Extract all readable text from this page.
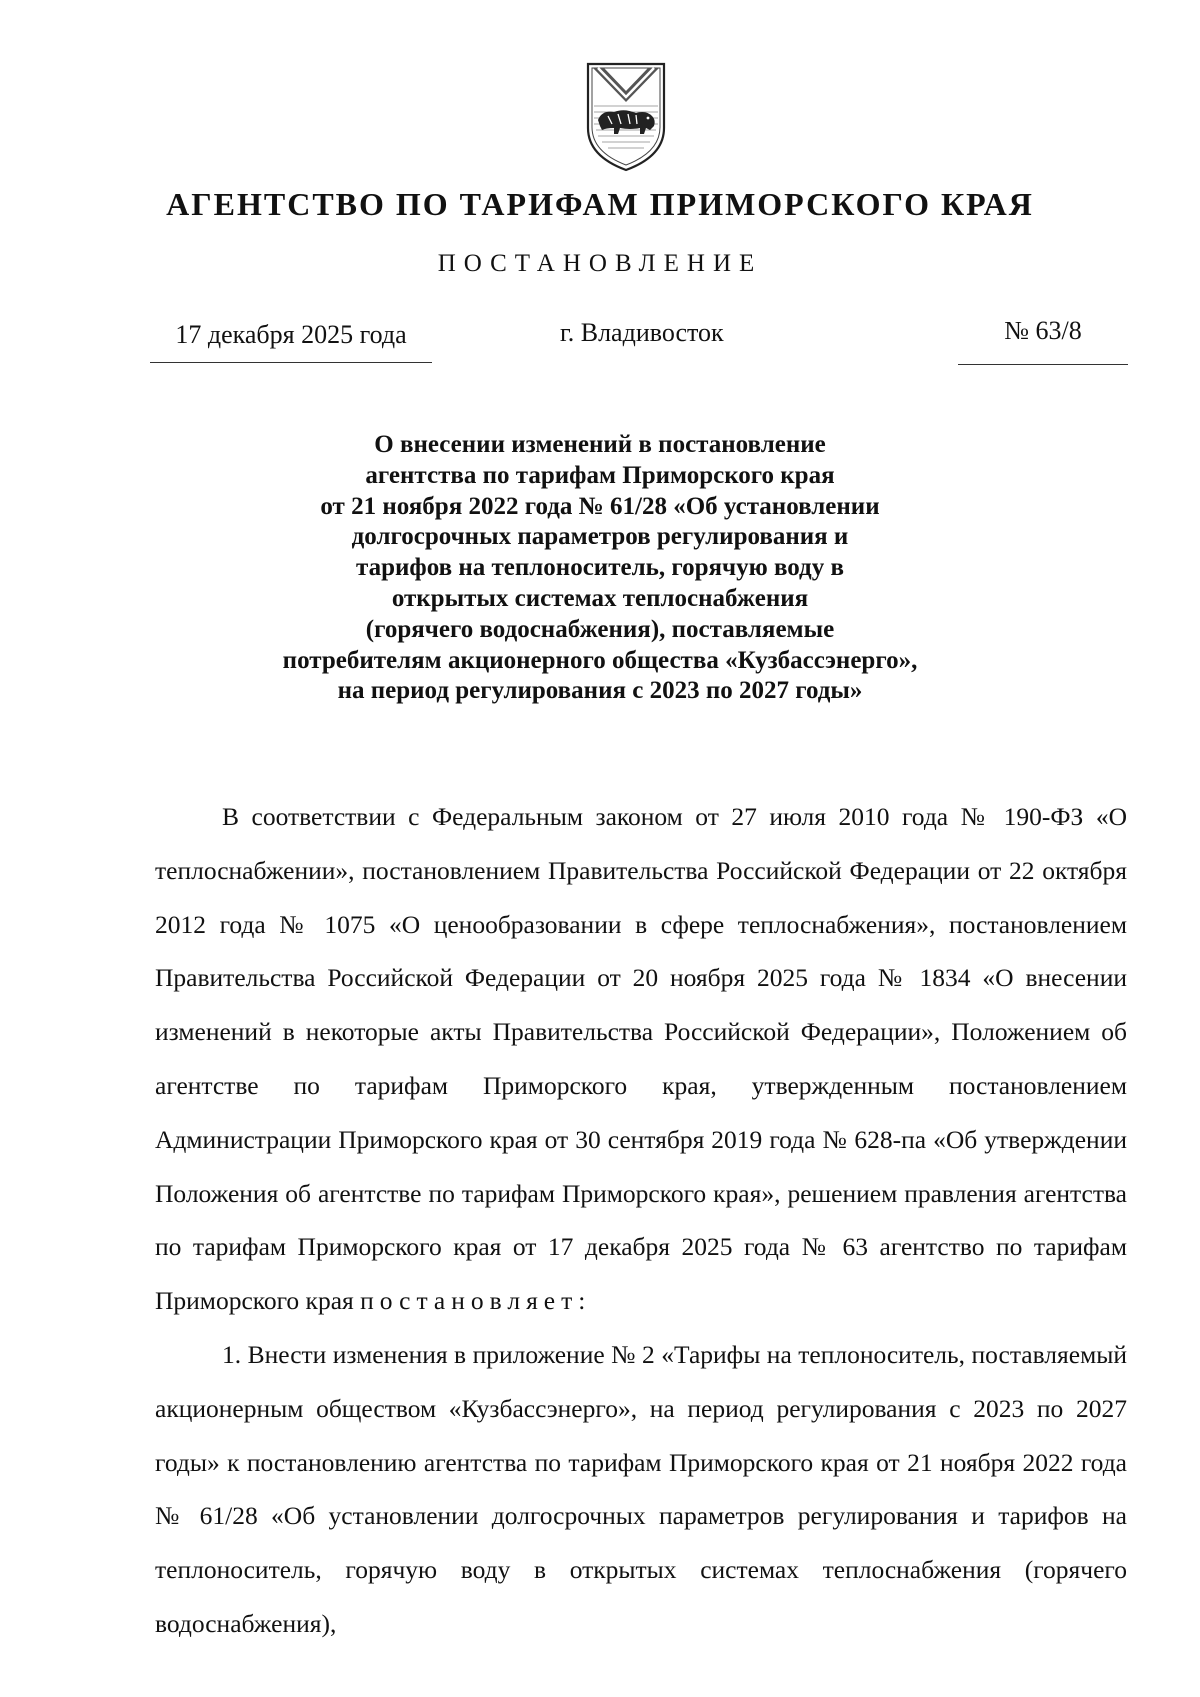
АГЕНТСТВО ПО ТАРИФАМ ПРИМОРСКОГО КРАЯ
ПОСТАНОВЛЕНИЕ
17 декабря 2025 года	г. Владивосток	№ 63/8
О внесении изменений в постановление
агентства по тарифам Приморского края
от 21 ноября 2022 года № 61/28 «Об установлении
долгосрочных параметров регулирования и
тарифов на теплоноситель, горячую воду в
открытых системах теплоснабжения
(горячего водоснабжения), поставляемые
потребителям акционерного общества «Кузбассэнерго»,
на период регулирования с 2023 по 2027 годы»

В соответствии с Федеральным законом от 27 июля 2010 года № 190-ФЗ «О теплоснабжении», постановлением Правительства Российской Федерации от 22 октября 2012 года № 1075 «О ценообразовании в сфере теплоснабжения», постановлением Правительства Российской Федерации от 20 ноября 2025 года № 1834 «О внесении изменений в некоторые акты Правительства Российской Федерации», Положением об агентстве по тарифам Приморского края, утвержденным постановлением Администрации Приморского края от 30 сентября 2019 года № 628-па «Об утверждении Положения об агентстве по тарифам Приморского края», решением правления агентства по тарифам Приморского края от 17 декабря 2025 года № 63 агентство по тарифам Приморского края постановляет:

1. Внести изменения в приложение № 2 «Тарифы на теплоноситель, поставляемый акционерным обществом «Кузбассэнерго», на период регулирования с 2023 по 2027 годы» к постановлению агентства по тарифам Приморского края от 21 ноября 2022 года № 61/28 «Об установлении долгосрочных параметров регулирования и тарифов на теплоноситель, горячую воду в открытых системах теплоснабжения (горячего водоснабжения),
